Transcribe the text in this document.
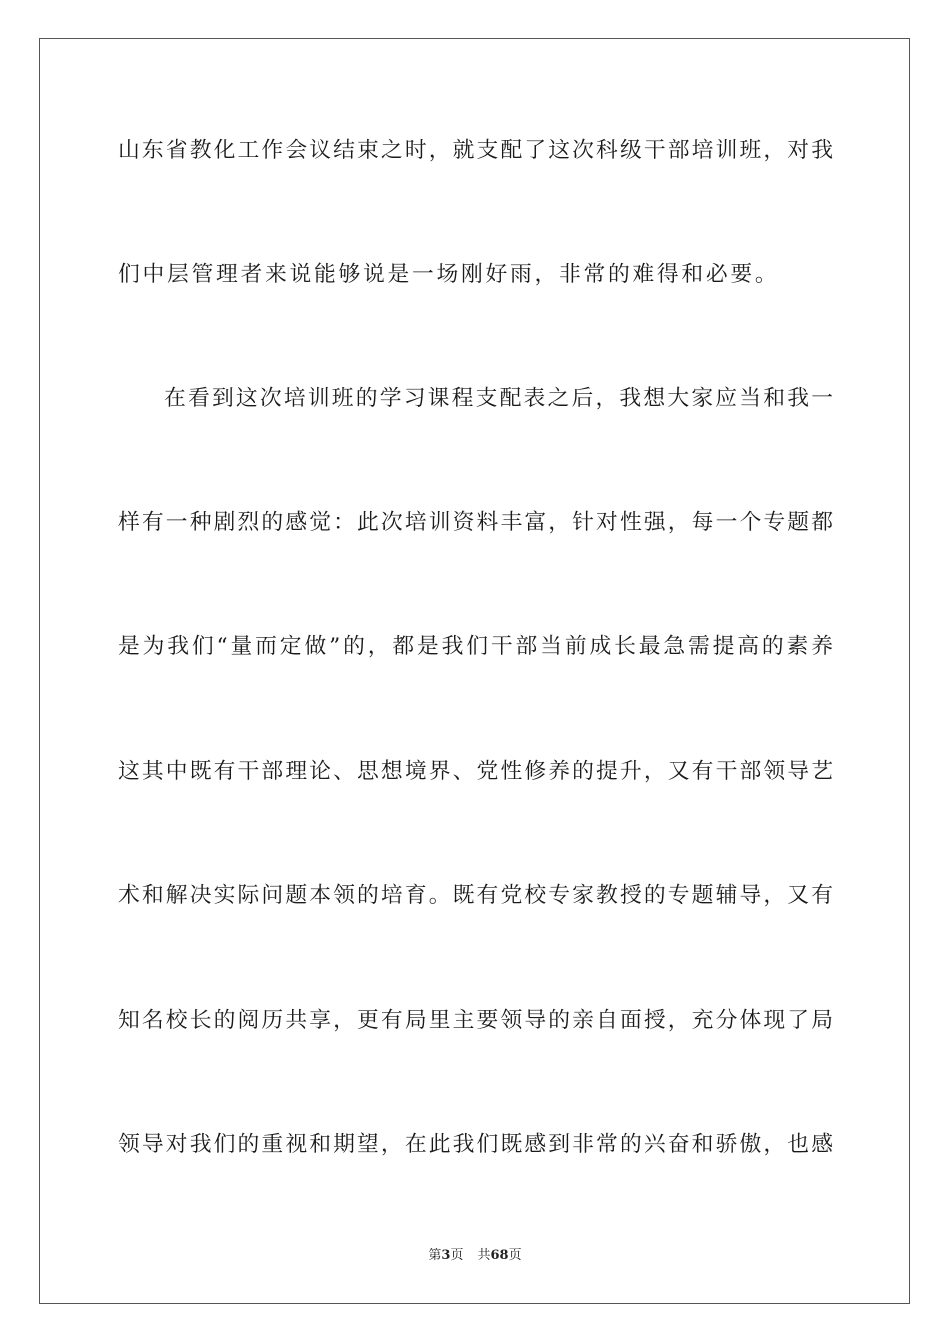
山东省教化工作会议结束之时，就支配了这次科级干部培训班，对我
们中层管理者来说能够说是一场刚好雨，非常的难得和必要。
在看到这次培训班的学习课程支配表之后，我想大家应当和我一
样有一种剧烈的感觉：此次培训资料丰富，针对性强，每一个专题都
是为我们“量而定做”的，都是我们干部当前成长最急需提高的素养
这其中既有干部理论、思想境界、党性修养的提升，又有干部领导艺
术和解决实际问题本领的培育。既有党校专家教授的专题辅导，又有
知名校长的阅历共享，更有局里主要领导的亲自面授，充分体现了局
领导对我们的重视和期望，在此我们既感到非常的兴奋和骄傲，也感
第3页 共68页
